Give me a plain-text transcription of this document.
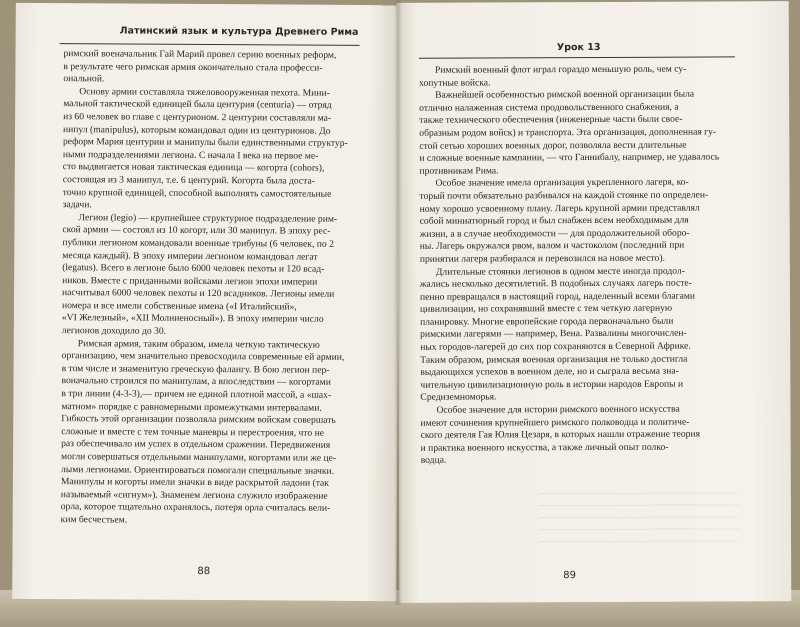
Латинский язык и культура Древнего Рима
римский военачальник Гай Марий провел серию военных реформ,
в результате чего римская армия окончательно стала професси-
ональной.
Основу армии составляла тяжеловооруженная пехота. Мини-
мальной тактической единицей была центурия (centuria) — отряд
из 60 человек во главе с центурионом. 2 центурии составляли ма-
нипул (manipulus), которым командовал один из центурионов. До
реформ Мария центурии и манипулы были единственными структур-
ными подразделениями легиона. С начала I века на первое ме-
сто выдвигается новая тактическая единица — когорта (cohors),
состоящая из 3 манипул, т.е. 6 центурий. Когорта была доста-
точно крупной единицей, способной выполнять самостоятельные
задачи.
Легион (legio) — крупнейшее структурное подразделение рим-
ской армии — состоял из 10 когорт, или 30 манипул. В эпоху рес-
публики легионом командовали военные трибуны (6 человек, по 2
месяца каждый). В эпоху империи легионом командовал легат
(legatus). Всего в легионе было 6000 человек пехоты и 120 всад-
ников. Вместе с приданными войсками легион эпохи империи
насчитывал 6000 человек пехоты и 120 всадников. Легионы имели
номера и все имели собственные имена («I Италийский»,
«VI Железный», «XII Молниеносный»). В эпоху империи число
легионов доходило до 30.
Римская армия, таким образом, имела четкую тактическую
организацию, чем значительно превосходила современные ей армии,
в том числе и знаменитую греческую фалангу. В бою легион пер-
воначально строился по манипулам, а впоследствии — когортами
в три линии (4-3-3),— причем не единой плотной массой, а «шах-
матном» порядке с равномерными промежутками интервалами.
Гибкость этой организации позволяла римским войскам совершать
сложные и вместе с тем точные маневры и перестроения, что не
раз обеспечивало им успех в отдельном сражении. Передвижения
могли совершаться отдельными манипулами, когортами или же це-
лыми легионами. Ориентироваться помогали специальные значки.
Манипулы и когорты имели значки в виде раскрытой ладони (так
называемый «сигнум»). Знаменем легиона служило изображение
орла, которое тщательно охранялось, потеря орла считалась вели-
ким бесчестьем.
88
Урок 13
Римский военный флот играл гораздо меньшую роль, чем су-
хопутные войска.
Важнейшей особенностью римской военной организации была
отлично налаженная система продовольственного снабжения, а
также технического обеспечения (инженерные части были свое-
образным родом войск) и транспорта. Эта организация, дополненная гу-
стой сетью хороших военных дорог, позволяла вести длительные
и сложные военные кампании, — что Ганнибалу, например, не удавалось
противникам Рима.
Особое значение имела организация укрепленного лагеря, ко-
торый почти обязательно разбивался на каждой стоянке по определен-
ному хорошо усвоенному плану. Лагерь крупной армии представлял
собой миниатюрный город и был снабжен всем необходимым для
жизни, а в случае необходимости — для продолжительной оборо-
ны. Лагерь окружался рвом, валом и частоколом (последний при
принятии лагеря разбирался и перевозился на новое место).
Длительные стоянки легионов в одном месте иногда продол-
жались несколько десятилетий. В подобных случаях лагерь посте-
пенно превращался в настоящий город, наделенный всеми благами
цивилизации, но сохранявший вместе с тем четкую лагерную
планировку. Многие европейские города первоначально были
римскими лагерями — например, Вена. Развалины многочислен-
ных городов-лагерей до сих пор сохраняются в Северной Африке.
Таким образом, римская военная организация не только достигла
выдающихся успехов в военном деле, но и сыграла весьма зна-
чительную цивилизационную роль в истории народов Европы и
Средиземноморья.
Особое значение для истории римского военного искусства
имеют сочинения крупнейшего римского полководца и политиче-
ского деятеля Гая Юлия Цезаря, в которых нашли отражение теория
и практика военного искусства, а также личный опыт полко-
водца.
89
